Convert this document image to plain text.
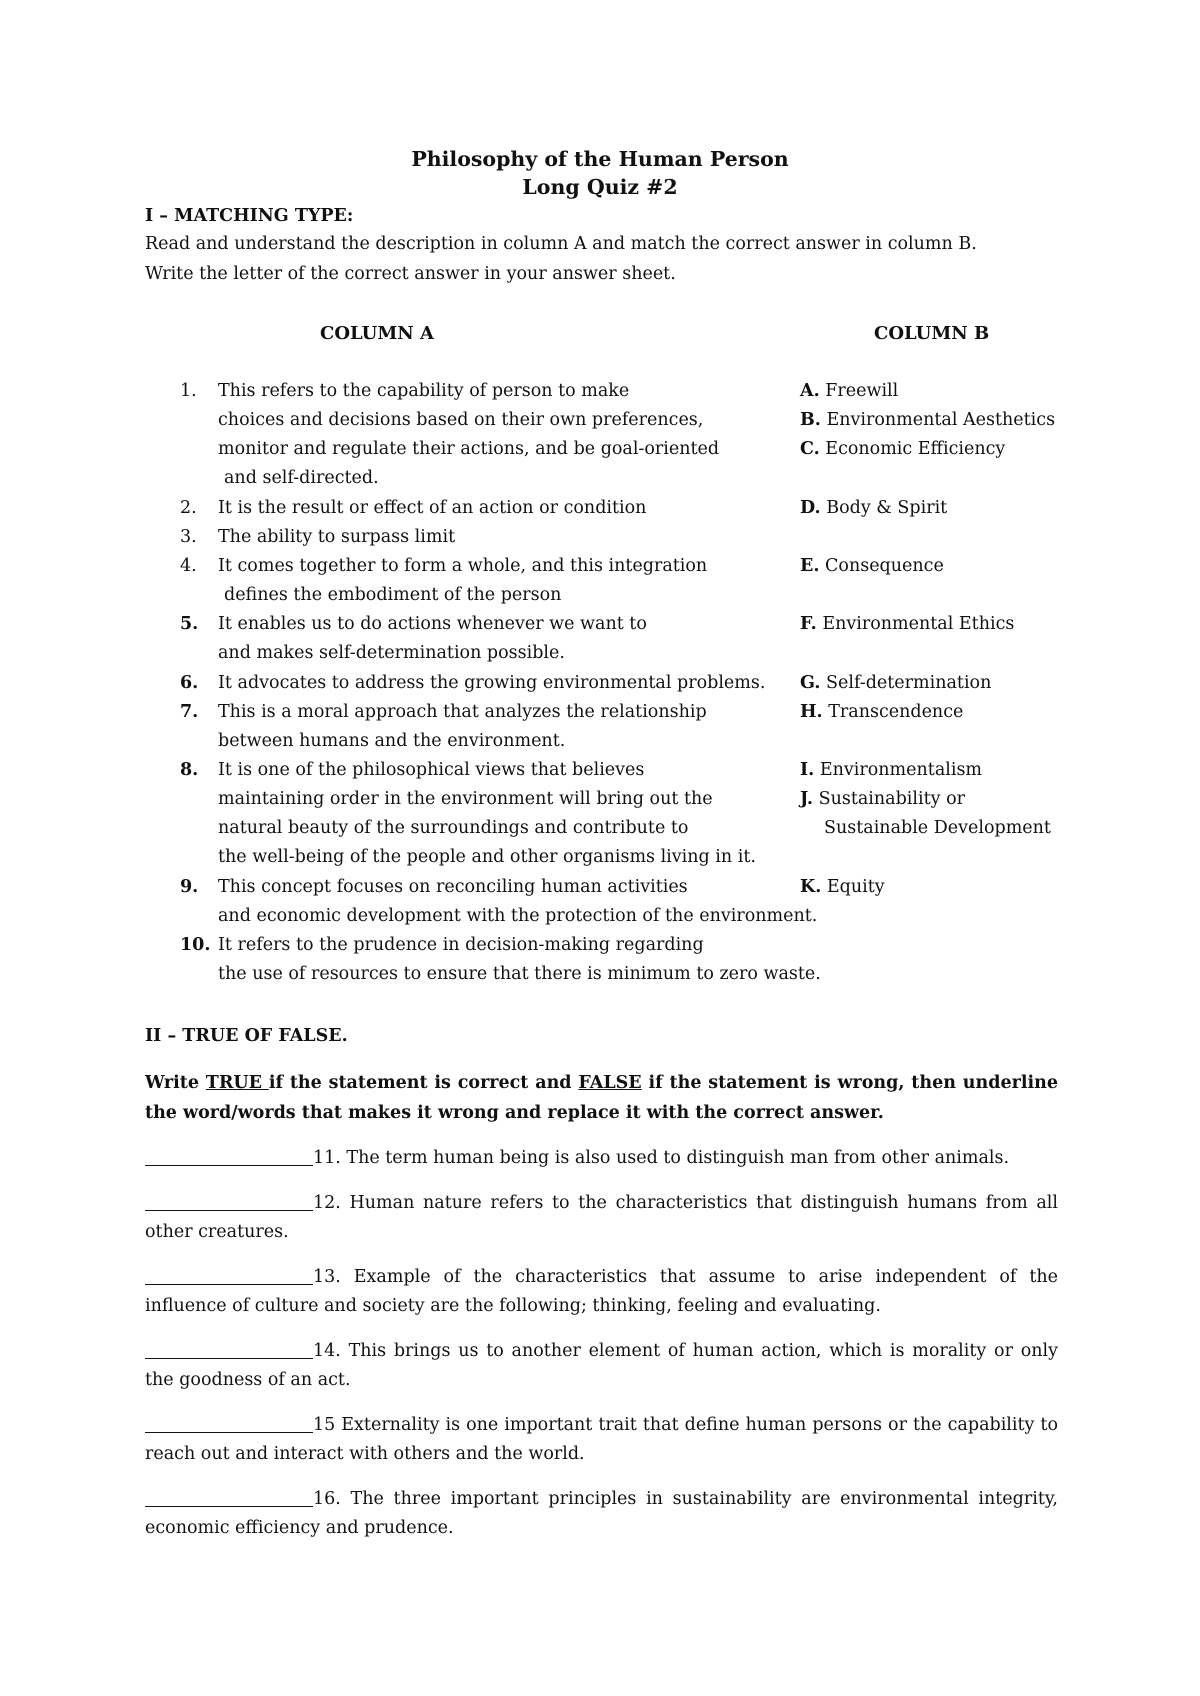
Philosophy of the Human Person
Long Quiz #2
I – MATCHING TYPE:
Read and understand the description in column A and match the correct answer in column B.
Write the letter of the correct answer in your answer sheet.
COLUMN A	COLUMN B
1.	This refers to the capability of person to make
choices and decisions based on their own preferences,
monitor and regulate their actions, and be goal-oriented
and self-directed.
2.	It is the result or effect of an action or condition
3.	The ability to surpass limit
4.	It comes together to form a whole, and this integration
defines the embodiment of the person
5.	It enables us to do actions whenever we want to
and makes self-determination possible.
6.	It advocates to address the growing environmental problems.
7.	This is a moral approach that analyzes the relationship
between humans and the environment.
8.	It is one of the philosophical views that believes
maintaining order in the environment will bring out the
natural beauty of the surroundings and contribute to
the well-being of the people and other organisms living in it.
9.	This concept focuses on reconciling human activities
and economic development with the protection of the environment.
10. It refers to the prudence in decision-making regarding
the use of resources to ensure that there is minimum to zero waste.
A. Freewill
B. Environmental Aesthetics
C. Economic Efficiency
D. Body & Spirit
E. Consequence
F. Environmental Ethics
G. Self-determination
H. Transcendence
I. Environmentalism
J. Sustainability or
Sustainable Development
K. Equity
II – TRUE OF FALSE.
Write TRUE if the statement is correct and FALSE if the statement is wrong, then underline the word/words that makes it wrong and replace it with the correct answer.
11. The term human being is also used to distinguish man from other animals.
12. Human nature refers to the characteristics that distinguish humans from all other creatures.
13. Example of the characteristics that assume to arise independent of the influence of culture and society are the following; thinking, feeling and evaluating.
14. This brings us to another element of human action, which is morality or only the goodness of an act.
15 Externality is one important trait that define human persons or the capability to reach out and interact with others and the world.
16. The three important principles in sustainability are environmental integrity, economic efficiency and prudence.
